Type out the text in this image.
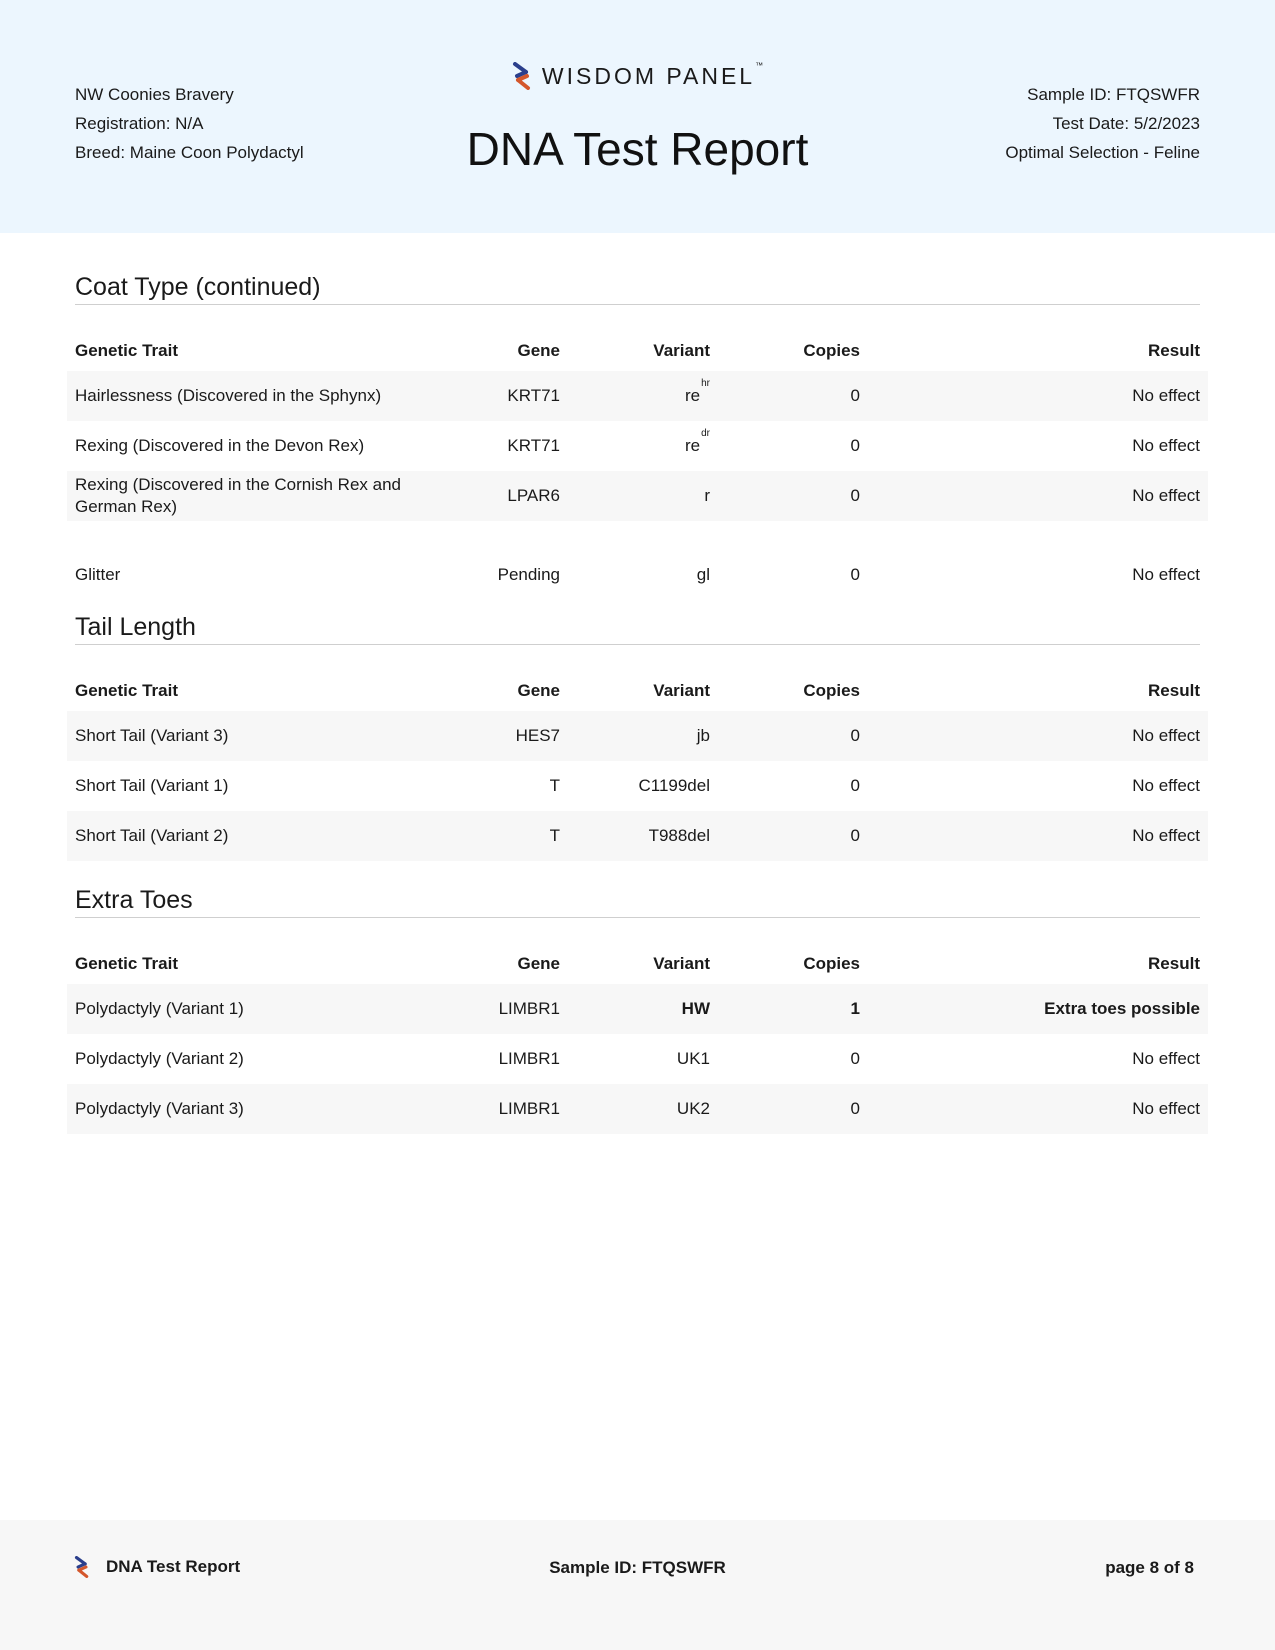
NW Coonies Bravery
Registration: N/A
Breed: Maine Coon Polydactyl
WISDOM PANEL™
DNA Test Report
Sample ID: FTQSWFR
Test Date: 5/2/2023
Optimal Selection - Feline
Coat Type (continued)
Genetic Trait	Gene	Variant	Copies	Result
Hairlessness (Discovered in the Sphynx)	KRT71	$re^{hr}$	0	No effect
Rexing (Discovered in the Devon Rex)	KRT71	$re^{dr}$	0	No effect
Rexing (Discovered in the Cornish Rex and German Rex)	LPAR6	r	0	No effect
Glitter	Pending	gl	0	No effect
Tail Length
Genetic Trait	Gene	Variant	Copies	Result
Short Tail (Variant 3)	HES7	jb	0	No effect
Short Tail (Variant 1)	T	C1199del	0	No effect
Short Tail (Variant 2)	T	T988del	0	No effect
Extra Toes
Genetic Trait	Gene	Variant	Copies	Result
Polydactyly (Variant 1)	LIMBR1	HW	1	Extra toes possible
Polydactyly (Variant 2)	LIMBR1	UK1	0	No effect
Polydactyly (Variant 3)	LIMBR1	UK2	0	No effect
DNA Test Report	Sample ID: FTQSWFR	page 8 of 8
